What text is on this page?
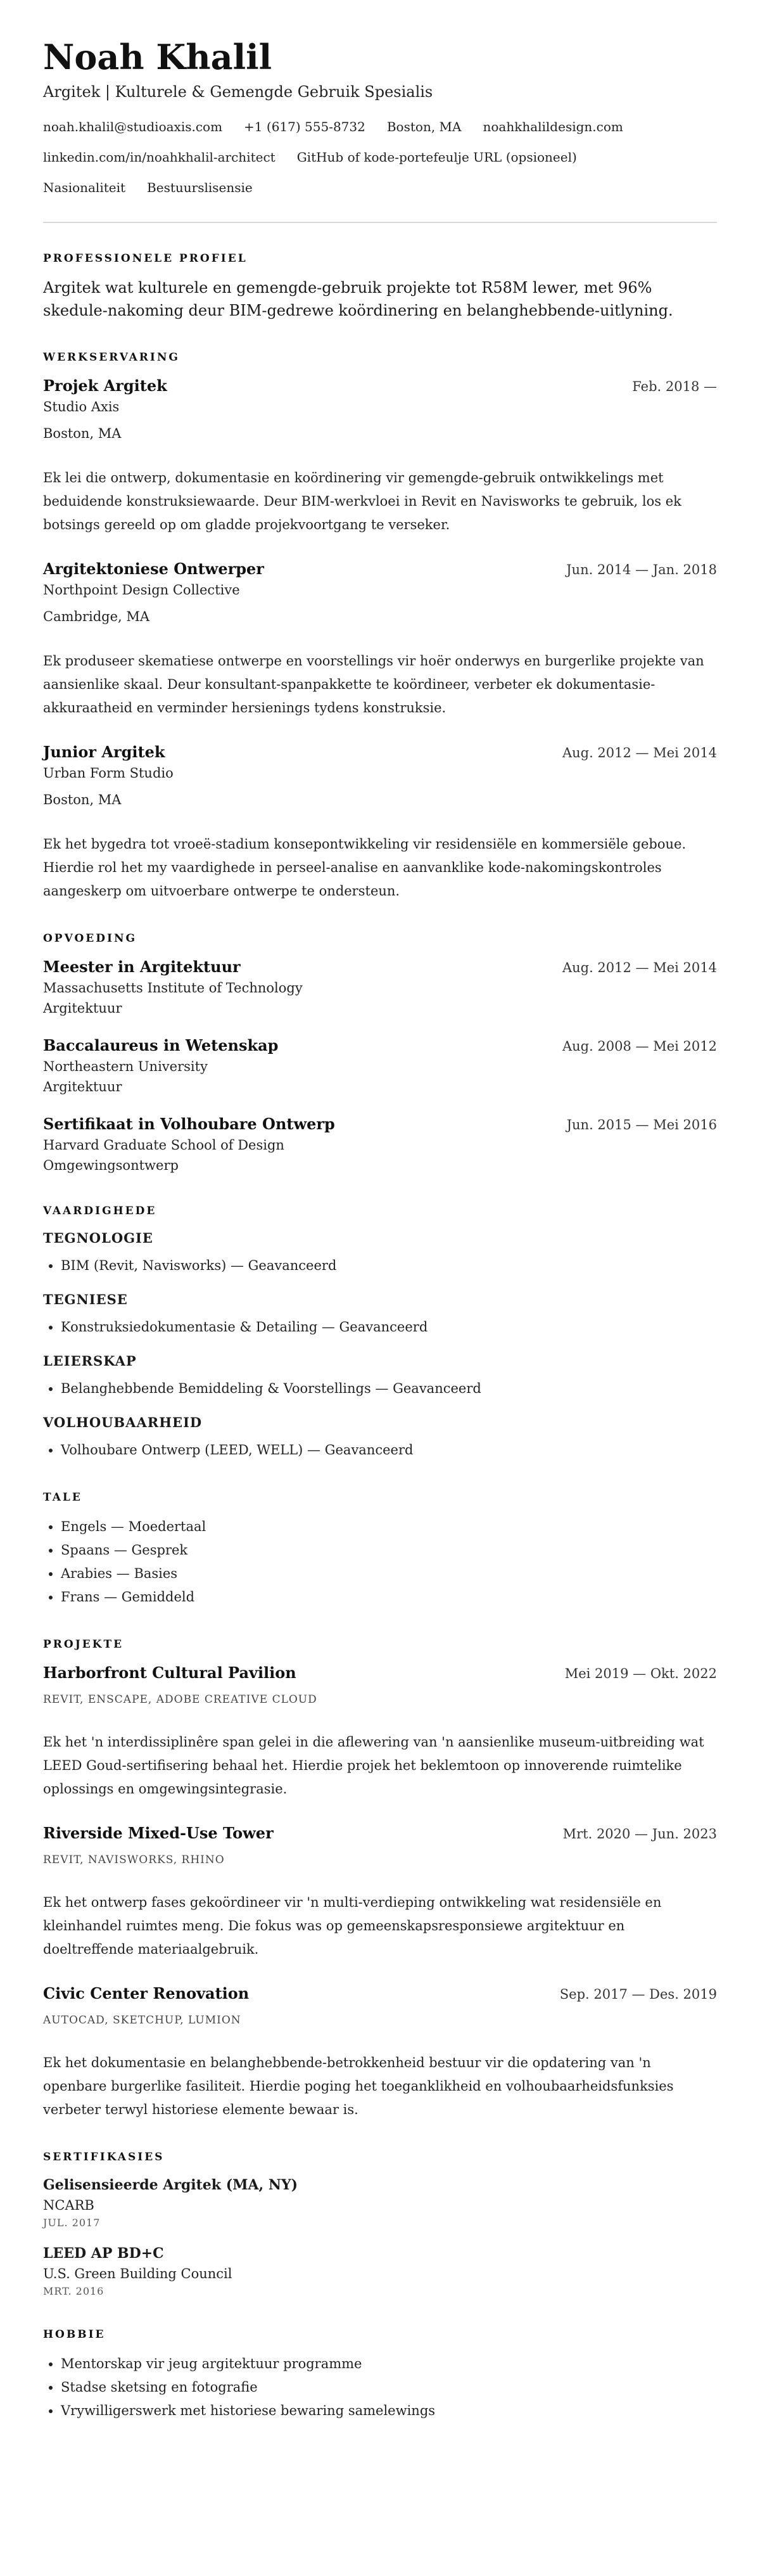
Noah Khalil
Argitek | Kulturele & Gemengde Gebruik Spesialis
noah.khalil@studioaxis.com +1 (617) 555-8732 Boston, MA noahkhalildesign.com
linkedin.com/in/noahkhalil-architect GitHub of kode-portefeulje URL (opsioneel)
Nasionaliteit Bestuurslisensie
PROFESSIONELE PROFIEL
Argitek wat kulturele en gemengde-gebruik projekte tot R58M lewer, met 96% skedule-nakoming deur BIM-gedrewe koördinering en belanghebbende-uitlyning.
WERKSERVARING
Projek Argitek	Feb. 2018 —
Studio Axis
Boston, MA
Ek lei die ontwerp, dokumentasie en koördinering vir gemengde-gebruik ontwikkelings met beduidende konstruksiewaarde. Deur BIM-werkvloei in Revit en Navisworks te gebruik, los ek botsings gereeld op om gladde projekvoortgang te verseker.
Argitektoniese Ontwerper	Jun. 2014 — Jan. 2018
Northpoint Design Collective
Cambridge, MA
Ek produseer skematiese ontwerpe en voorstellings vir hoër onderwys en burgerlike projekte van aansienlike skaal. Deur konsultant-spanpakkette te koördineer, verbeter ek dokumentasie-akkuraatheid en verminder hersienings tydens konstruksie.
Junior Argitek	Aug. 2012 — Mei 2014
Urban Form Studio
Boston, MA
Ek het bygedra tot vroeë-stadium konsepontwikkeling vir residensiële en kommersiële geboue. Hierdie rol het my vaardighede in perseel-analise en aanvanklike kode-nakomingskontroles aangeskerp om uitvoerbare ontwerpe te ondersteun.
OPVOEDING
Meester in Argitektuur	Aug. 2012 — Mei 2014
Massachusetts Institute of Technology
Argitektuur
Baccalaureus in Wetenskap	Aug. 2008 — Mei 2012
Northeastern University
Argitektuur
Sertifikaat in Volhoubare Ontwerp	Jun. 2015 — Mei 2016
Harvard Graduate School of Design
Omgewingsontwerp
VAARDIGHEDE
TEGNOLOGIE
• BIM (Revit, Navisworks) — Geavanceerd
TEGNIESE
• Konstruksiedokumentasie & Detailing — Geavanceerd
LEIERSKAP
• Belanghebbende Bemiddeling & Voorstellings — Geavanceerd
VOLHOUBAARHEID
• Volhoubare Ontwerp (LEED, WELL) — Geavanceerd
TALE
• Engels — Moedertaal
• Spaans — Gesprek
• Arabies — Basies
• Frans — Gemiddeld
PROJEKTE
Harborfront Cultural Pavilion	Mei 2019 — Okt. 2022
REVIT, ENSCAPE, ADOBE CREATIVE CLOUD
Ek het 'n interdissiplinêre span gelei in die aflewering van 'n aansienlike museum-uitbreiding wat LEED Goud-sertifisering behaal het. Hierdie projek het beklemtoon op innoverende ruimtelike oplossings en omgewingsintegrasie.
Riverside Mixed-Use Tower	Mrt. 2020 — Jun. 2023
REVIT, NAVISWORKS, RHINO
Ek het ontwerp fases gekoördineer vir 'n multi-verdieping ontwikkeling wat residensiële en kleinhandel ruimtes meng. Die fokus was op gemeenskapsresponsiewe argitektuur en doeltreffende materiaalgebruik.
Civic Center Renovation	Sep. 2017 — Des. 2019
AUTOCAD, SKETCHUP, LUMION
Ek het dokumentasie en belanghebbende-betrokkenheid bestuur vir die opdatering van 'n openbare burgerlike fasiliteit. Hierdie poging het toeganklikheid en volhoubaarheidsfunksies verbeter terwyl historiese elemente bewaar is.
SERTIFIKASIES
Gelisensieerde Argitek (MA, NY)
NCARB
JUL. 2017
LEED AP BD+C
U.S. Green Building Council
MRT. 2016
HOBBIE
• Mentorskap vir jeug argitektuur programme
• Stadse sketsing en fotografie
• Vrywilligerswerk met historiese bewaring samelewings
